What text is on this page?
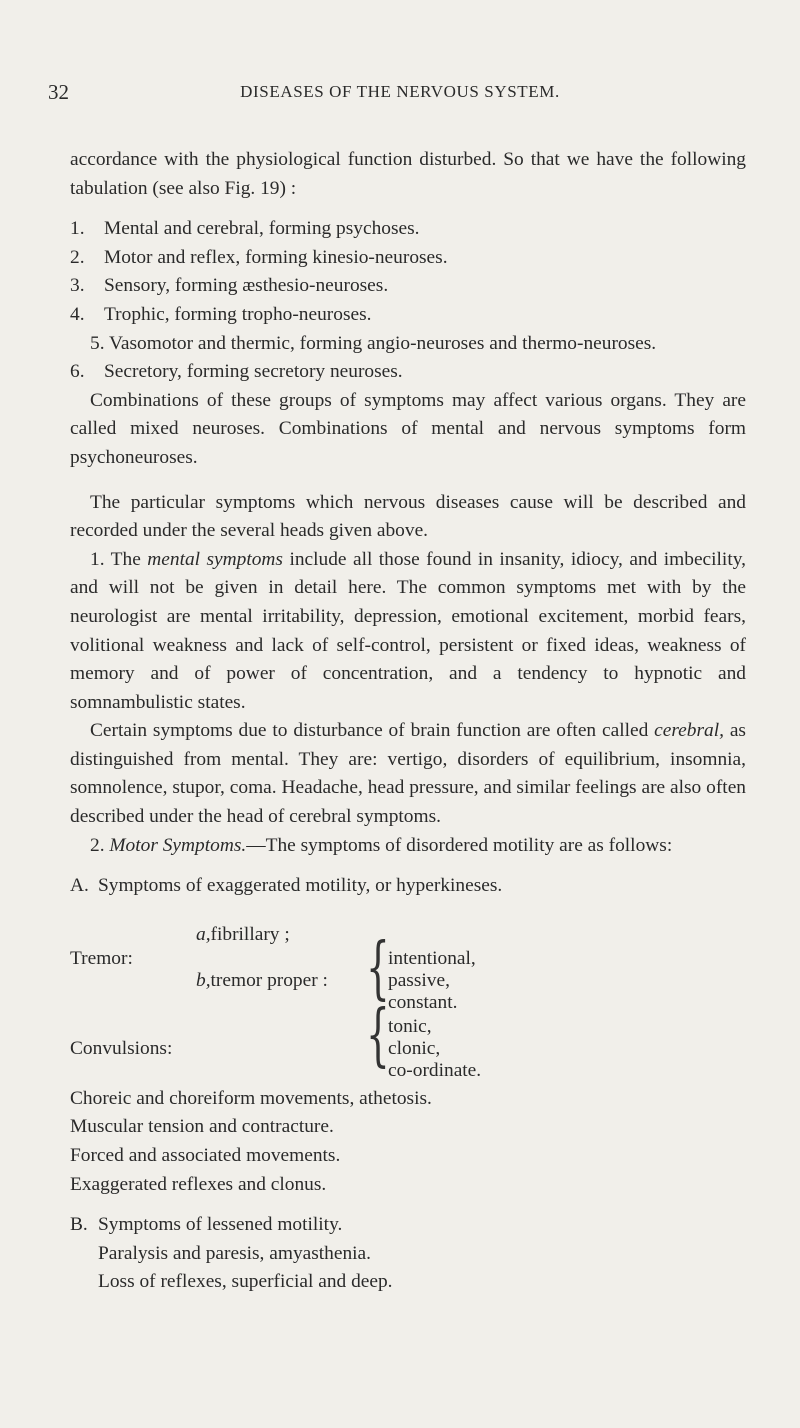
32	DISEASES OF THE NERVOUS SYSTEM.

accordance with the physiological function disturbed. So that we have the following tabulation (see also Fig. 19) :

1. Mental and cerebral, forming psychoses.

2. Motor and reflex, forming kinesio-neuroses.

3. Sensory, forming æsthesio-neuroses.

4. Trophic, forming tropho-neuroses.

5. Vasomotor and thermic, forming angio-neuroses and thermo-neuroses.

6. Secretory, forming secretory neuroses.

Combinations of these groups of symptoms may affect various organs. They are called mixed neuroses. Combinations of mental and nervous symptoms form psychoneuroses.

The particular symptoms which nervous diseases cause will be described and recorded under the several heads given above.

1. The mental symptoms include all those found in insanity, idiocy, and imbecility, and will not be given in detail here. The common symptoms met with by the neurologist are mental irritability, depression, emotional excitement, morbid fears, volitional weakness and lack of self-control, persistent or fixed ideas, weakness of memory and of power of concentration, and a tendency to hypnotic and somnambulistic states.

Certain symptoms due to disturbance of brain function are often called cerebral, as distinguished from mental. They are: vertigo, disorders of equilibrium, insomnia, somnolence, stupor, coma. Headache, head pressure, and similar feelings are also often described under the head of cerebral symptoms.

2. Motor Symptoms.—The symptoms of disordered motility are as follows:

A. Symptoms of exaggerated motility, or hyperkineses.

a, fibrillary ;
Tremor:
b, tremor proper : {
intentional,
passive,
constant.
Convulsions:	{
tonic,
clonic,
co-ordinate.

Choreic and choreiform movements, athetosis.

Muscular tension and contracture.

Forced and associated movements.

Exaggerated reflexes and clonus.

B. Symptoms of lessened motility.

Paralysis and paresis, amyasthenia.

Loss of reflexes, superficial and deep.
